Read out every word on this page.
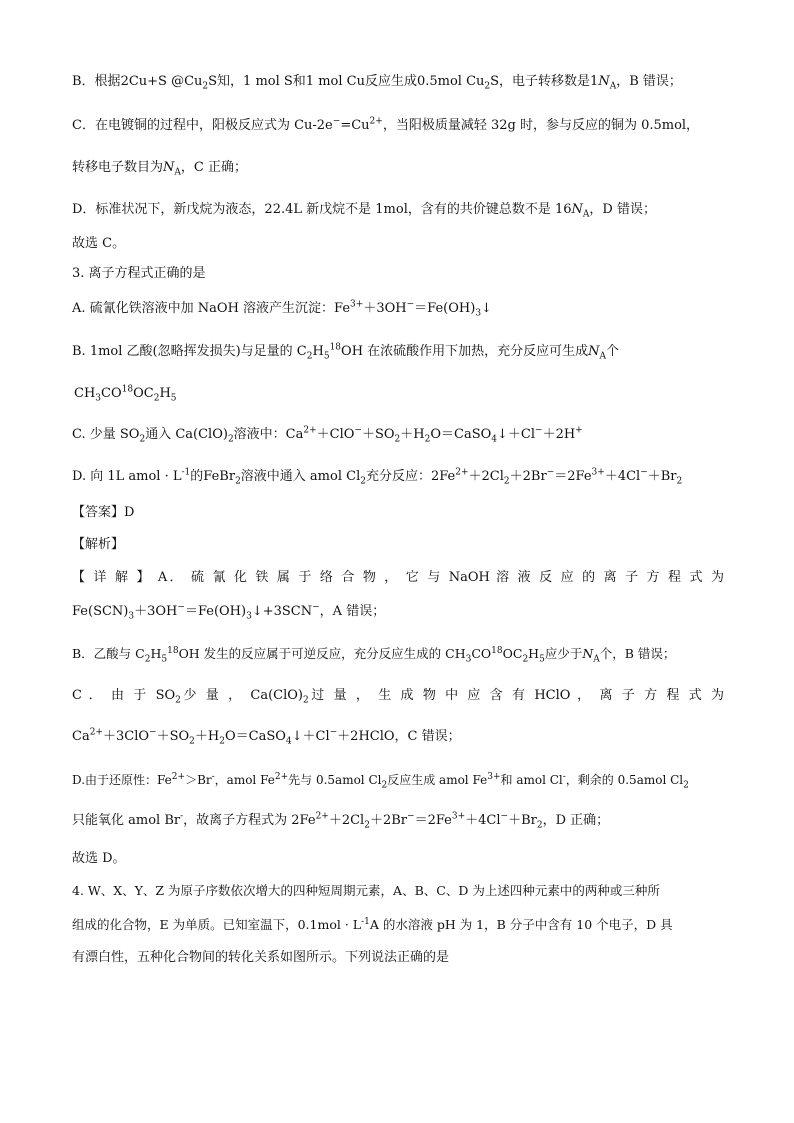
B．根据2Cu+S $@Cu_2S$知，1 mol S和1 mol Cu反应生成0.5mol $Cu_2S$，电子转移数是$1N_A$，B 错误；
C．在电镀铜的过程中，阳极反应式为 $Cu-2e^-=Cu^{2+}$，当阳极质量减轻 32g 时，参与反应的铜为 0.5mol，
转移电子数目为$N_A$，C 正确；
D．标准状况下，新戊烷为液态，22.4L 新戊烷不是 1mol，含有的共价键总数不是 $16N_A$，D 错误；
故选 C。
3. 离子方程式正确的是
A. 硫氰化铁溶液中加 NaOH 溶液产生沉淀：$Fe^{3+}+3OH^-=Fe(OH)_3↓$
B. 1mol 乙酸(忽略挥发损失)与足量的 $C_2H_5^{18}OH$ 在浓硫酸作用下加热，充分反应可生成$N_A$个
$CH_3CO^{18}OC_2H_5$
C. 少量 $SO_2$通入 $Ca(ClO)_2$溶液中：$Ca^{2+}+ClO^-+SO_2+H_2O=CaSO_4↓+Cl^-+2H^+$
D. 向 1L amol · $L^{-1}$的FeBr$_2$溶液中通入 amol $Cl_2$充分反应：$2Fe^{2+}+2Cl_2+2Br^-=2Fe^{3+}+4Cl^-+Br_2$
【答案】D
【解析】
【 详 解 】 A． 硫 氰 化 铁 属 于 络 合 物 ， 它 与 NaOH 溶 液 反 应 的 离 子 方 程 式 为
$Fe(SCN)_3+3OH^-=Fe(OH)_3↓+3SCN^-$，A 错误；
B．乙酸与 $C_2H_5^{18}OH$ 发生的反应属于可逆反应，充分反应生成的 $CH_3CO^{18}OC_2H_5$应少于$N_A$个，B 错误；
C ． 由 于 $SO_2$少 量 ， $Ca(ClO)_2$过 量 ， 生 成 物 中 应 含 有 HClO ， 离 子 方 程 式 为
$Ca^{2+}+3ClO^-+SO_2+H_2O=CaSO_4↓+Cl^-+2HClO$，C 错误；
D.由于还原性：$Fe^{2+}>Br^-$，amol $Fe^{2+}$先与 0.5amol $Cl_2$反应生成 amol $Fe^{3+}$和 amol Cl-，剩余的 0.5amol $Cl_2$
只能氧化 amol Br-，故离子方程式为 $2Fe^{2+}+2Cl_2+2Br^-=2Fe^{3+}+4Cl^-+Br_2$，D 正确；
故选 D。
4. W、X、Y、Z 为原子序数依次增大的四种短周期元素，A、B、C、D 为上述四种元素中的两种或三种所
组成的化合物，E 为单质。已知室温下，$0.1mol \cdot L^{-1}A$ 的水溶液 pH 为 1，B 分子中含有 10 个电子，D 具
有漂白性，五种化合物间的转化关系如图所示。下列说法正确的是
